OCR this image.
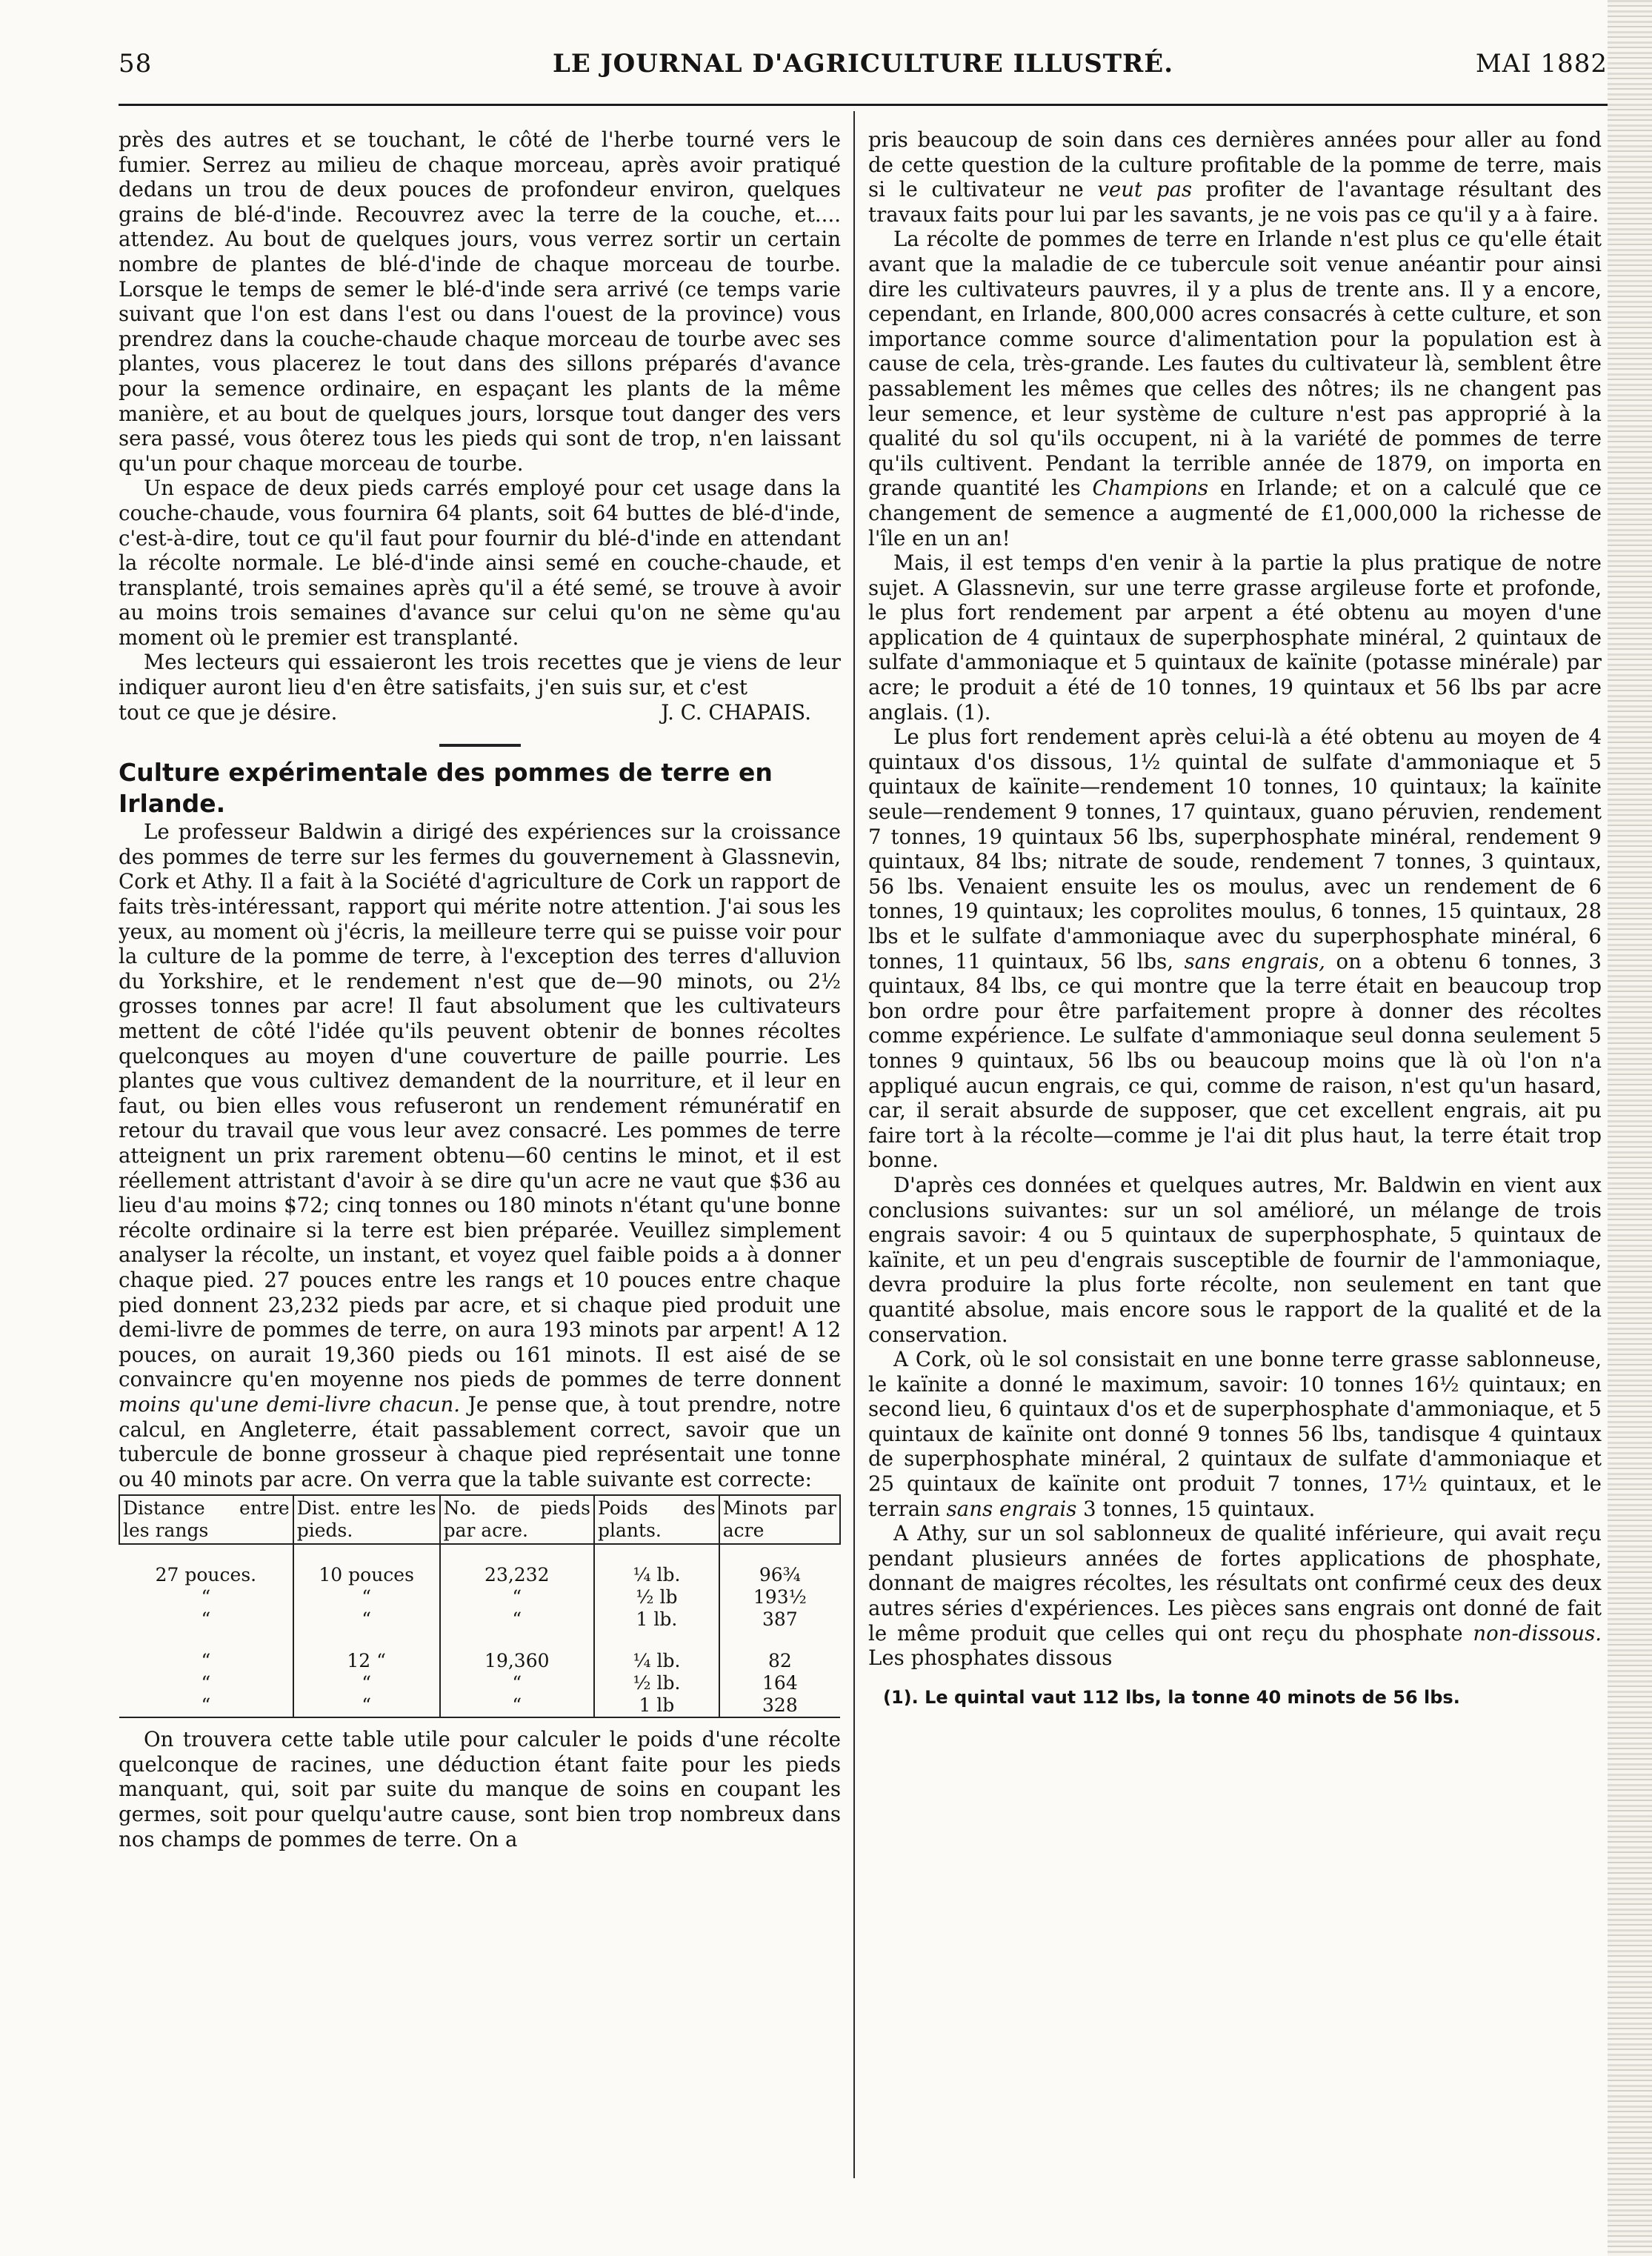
58	LE JOURNAL D'AGRICULTURE ILLUSTRÉ.	MAI 1882

près des autres et se touchant, le côté de l'herbe tourné vers le fumier. Serrez au milieu de chaque morceau, après avoir pratiqué dedans un trou de deux pouces de profondeur environ, quelques grains de blé-d'inde. Recouvrez avec la terre de la couche, et.... attendez. Au bout de quelques jours, vous verrez sortir un certain nombre de plantes de blé-d'inde de chaque morceau de tourbe. Lorsque le temps de semer le blé-d'inde sera arrivé (ce temps varie suivant que l'on est dans l'est ou dans l'ouest de la province) vous prendrez dans la couche-chaude chaque morceau de tourbe avec ses plantes, vous placerez le tout dans des sillons préparés d'avance pour la semence ordinaire, en espaçant les plants de la même manière, et au bout de quelques jours, lorsque tout danger des vers sera passé, vous ôterez tous les pieds qui sont de trop, n'en laissant qu'un pour chaque morceau de tourbe.

Un espace de deux pieds carrés employé pour cet usage dans la couche-chaude, vous fournira 64 plants, soit 64 buttes de blé-d'inde, c'est-à-dire, tout ce qu'il faut pour fournir du blé-d'inde en attendant la récolte normale. Le blé-d'inde ainsi semé en couche-chaude, et transplanté, trois semaines après qu'il a été semé, se trouve à avoir au moins trois semaines d'avance sur celui qu'on ne sème qu'au moment où le premier est transplanté.

Mes lecteurs qui essaieront les trois recettes que je viens de leur indiquer auront lieu d'en être satisfaits, j'en suis sur, et c'est

tout ce que je désire.	J. C. CHAPAIS.
Culture expérimentale des pommes de terre en Irlande.

Le professeur Baldwin a dirigé des expériences sur la croissance des pommes de terre sur les fermes du gouvernement à Glassnevin, Cork et Athy. Il a fait à la Société d'agriculture de Cork un rapport de faits très-intéressant, rapport qui mérite notre attention. J'ai sous les yeux, au moment où j'écris, la meilleure terre qui se puisse voir pour la culture de la pomme de terre, à l'exception des terres d'alluvion du Yorkshire, et le rendement n'est que de—90 minots, ou 2½ grosses tonnes par acre! Il faut absolument que les cultivateurs mettent de côté l'idée qu'ils peuvent obtenir de bonnes récoltes quelconques au moyen d'une couverture de paille pourrie. Les plantes que vous cultivez demandent de la nourriture, et il leur en faut, ou bien elles vous refuseront un rendement rémunératif en retour du travail que vous leur avez consacré. Les pommes de terre atteignent un prix rarement obtenu—60 centins le minot, et il est réellement attristant d'avoir à se dire qu'un acre ne vaut que $36 au lieu d'au moins $72; cinq tonnes ou 180 minots n'étant qu'une bonne récolte ordinaire si la terre est bien préparée. Veuillez simplement analyser la récolte, un instant, et voyez quel faible poids a à donner chaque pied. 27 pouces entre les rangs et 10 pouces entre chaque pied donnent 23,232 pieds par acre, et si chaque pied produit une demi-livre de pommes de terre, on aura 193 minots par arpent! A 12 pouces, on aurait 19,360 pieds ou 161 minots. Il est aisé de se convaincre qu'en moyenne nos pieds de pommes de terre donnent moins qu'une demi-livre chacun. Je pense que, à tout prendre, notre calcul, en Angleterre, était passablement correct, savoir que un tubercule de bonne grosseur à chaque pied représentait une tonne ou 40 minots par acre. On verra que la table suivante est correcte:

Distance entre les rangs	Dist. entre les pieds.	No. de pieds par acre.	Poids des plants.	Minots par acre

27 pouces.	10 pouces	23,232	¼ lb.	96¾
“	“	“	½ lb	193½
“	“	“	1 lb.	387

“	12 “	19,360	¼ lb.	82
“	“	“	½ lb.	164
“	“	“	1 lb	328

On trouvera cette table utile pour calculer le poids d'une récolte quelconque de racines, une déduction étant faite pour les pieds manquant, qui, soit par suite du manque de soins en coupant les germes, soit pour quelqu'autre cause, sont bien trop nombreux dans nos champs de pommes de terre. On a

pris beaucoup de soin dans ces dernières années pour aller au fond de cette question de la culture profitable de la pomme de terre, mais si le cultivateur ne veut pas profiter de l'avantage résultant des travaux faits pour lui par les savants, je ne vois pas ce qu'il y a à faire.

La récolte de pommes de terre en Irlande n'est plus ce qu'elle était avant que la maladie de ce tubercule soit venue anéantir pour ainsi dire les cultivateurs pauvres, il y a plus de trente ans. Il y a encore, cependant, en Irlande, 800,000 acres consacrés à cette culture, et son importance comme source d'alimentation pour la population est à cause de cela, très-grande. Les fautes du cultivateur là, semblent être passablement les mêmes que celles des nôtres; ils ne changent pas leur semence, et leur système de culture n'est pas approprié à la qualité du sol qu'ils occupent, ni à la variété de pommes de terre qu'ils cultivent. Pendant la terrible année de 1879, on importa en grande quantité les Champions en Irlande; et on a calculé que ce changement de semence a augmenté de £1,000,000 la richesse de l'île en un an!

Mais, il est temps d'en venir à la partie la plus pratique de notre sujet. A Glassnevin, sur une terre grasse argileuse forte et profonde, le plus fort rendement par arpent a été obtenu au moyen d'une application de 4 quintaux de superphosphate minéral, 2 quintaux de sulfate d'ammoniaque et 5 quintaux de kaïnite (potasse minérale) par acre; le produit a été de 10 tonnes, 19 quintaux et 56 lbs par acre anglais. (1).

Le plus fort rendement après celui-là a été obtenu au moyen de 4 quintaux d'os dissous, 1½ quintal de sulfate d'ammoniaque et 5 quintaux de kaïnite—rendement 10 tonnes, 10 quintaux; la kaïnite seule—rendement 9 tonnes, 17 quintaux, guano péruvien, rendement 7 tonnes, 19 quintaux 56 lbs, superphosphate minéral, rendement 9 quintaux, 84 lbs; nitrate de soude, rendement 7 tonnes, 3 quintaux, 56 lbs. Venaient ensuite les os moulus, avec un rendement de 6 tonnes, 19 quintaux; les coprolites moulus, 6 tonnes, 15 quintaux, 28 lbs et le sulfate d'ammoniaque avec du superphosphate minéral, 6 tonnes, 11 quintaux, 56 lbs, sans engrais, on a obtenu 6 tonnes, 3 quintaux, 84 lbs, ce qui montre que la terre était en beaucoup trop bon ordre pour être parfaitement propre à donner des récoltes comme expérience. Le sulfate d'ammoniaque seul donna seulement 5 tonnes 9 quintaux, 56 lbs ou beaucoup moins que là où l'on n'a appliqué aucun engrais, ce qui, comme de raison, n'est qu'un hasard, car, il serait absurde de supposer, que cet excellent engrais, ait pu faire tort à la récolte—comme je l'ai dit plus haut, la terre était trop bonne.

D'après ces données et quelques autres, Mr. Baldwin en vient aux conclusions suivantes: sur un sol amélioré, un mélange de trois engrais savoir: 4 ou 5 quintaux de superphosphate, 5 quintaux de kaïnite, et un peu d'engrais susceptible de fournir de l'ammoniaque, devra produire la plus forte récolte, non seulement en tant que quantité absolue, mais encore sous le rapport de la qualité et de la conservation.

A Cork, où le sol consistait en une bonne terre grasse sablonneuse, le kaïnite a donné le maximum, savoir: 10 tonnes 16½ quintaux; en second lieu, 6 quintaux d'os et de superphosphate d'ammoniaque, et 5 quintaux de kaïnite ont donné 9 tonnes 56 lbs, tandisque 4 quintaux de superphosphate minéral, 2 quintaux de sulfate d'ammoniaque et 25 quintaux de kaïnite ont produit 7 tonnes, 17½ quintaux, et le terrain sans engrais 3 tonnes, 15 quintaux.

A Athy, sur un sol sablonneux de qualité inférieure, qui avait reçu pendant plusieurs années de fortes applications de phosphate, donnant de maigres récoltes, les résultats ont confirmé ceux des deux autres séries d'expériences. Les pièces sans engrais ont donné de fait le même produit que celles qui ont reçu du phosphate non-dissous. Les phosphates dissous

(1). Le quintal vaut 112 lbs, la tonne 40 minots de 56 lbs.
